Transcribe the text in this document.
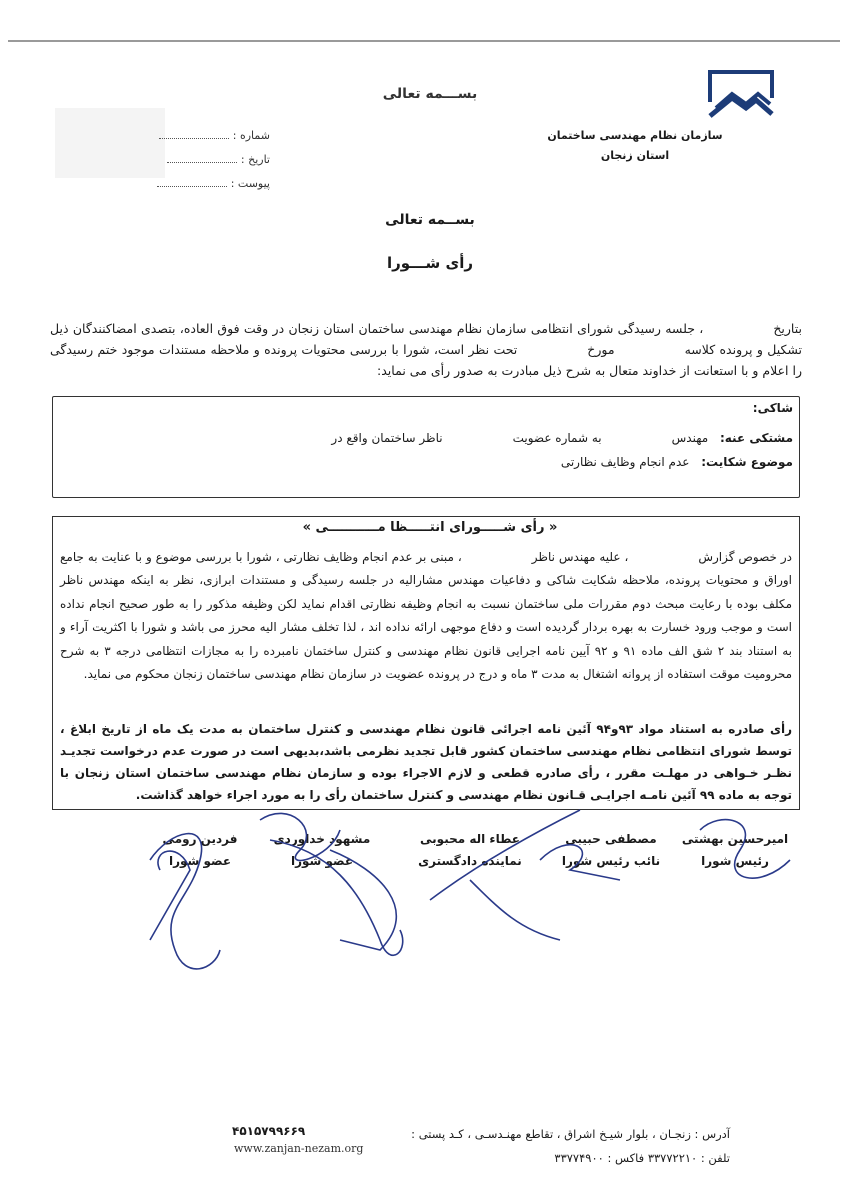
سازمان نظام مهندسی ساختمان
استان زنجان
بســـمه تعالی
شماره :
تاریخ :
پیوست :
بســمه تعالی
رأی شـــورا
بتاریخ، جلسه رسیدگی شورای انتظامی سازمان نظام مهندسی ساختمان استان زنجان در وقت فوق العاده، بتصدی امضاکنندگان ذیل تشکیل و پرونده کلاسهمورختحت نظر است، شورا با بررسی محتویات پرونده و ملاحظه مستندات موجود ختم رسیدگی را اعلام و با استعانت از خداوند متعال به شرح ذیل مبادرت به صدور رأی می نماید:
شاکی:
مشتکی عنه: مهندسبه شماره عضویتناظر ساختمان واقع در
موضوع شکایت: عدم انجام وظایف نظارتی
« رأی شـــــورای انتـــــظا مـــــــــــی »
در خصوص گزارش، علیه مهندس ناظر، مبنی بر عدم انجام وظایف نظارتی ، شورا با بررسی موضوع و با عنایت به جامع اوراق و محتویات پرونده، ملاحظه شکایت شاکی و دفاعیات مهندس مشارالیه در جلسه رسیدگی و مستندات ابرازی، نظر به اینکه مهندس ناظر مکلف بوده با رعایت مبحث دوم مقررات ملی ساختمان نسبت به انجام وظیفه نظارتی اقدام نماید لکن وظیفه مذکور را به طور صحیح انجام نداده است و موجب ورود خسارت به بهره بردار گردیده است و دفاع موجهی ارائه نداده اند ، لذا تخلف مشار الیه محرز می باشد و شورا با اکثریت آراء و به استناد بند ۲ شق الف ماده ۹۱ و ۹۲ آیین نامه اجرایی قانون نظام مهندسی و کنترل ساختمان نامبرده را به مجازات انتظامی درجه ۳ به شرح محرومیت موقت استفاده از پروانه اشتغال به مدت ۳ ماه و درج در پرونده عضویت در سازمان نظام مهندسی ساختمان زنجان محکوم می نماید.
رأی صادره به استناد مواد ۹۳و۹۴ آئین نامه اجرائی قانون نظام مهندسی و کنترل ساختمان به مدت یک ماه از تاریخ ابلاغ ، توسط شورای انتظامی نظام مهندسی ساختمان کشور قابل تجدید نظرمی باشد،بدیهی است در صورت عدم درخواست تجدیـد نظـر خـواهی در مهلـت مقرر ، رأی صادره قطعی و لازم الاجراء بوده و سازمان نظام مهندسی ساختمان استان زنجان با توجه به ماده ۹۹ آئین نامـه اجرایـی قـانون نظام مهندسی و کنترل ساختمان رأی را به مورد اجراء خواهد گذاشت.
امیرحسین بهشتی
رئیس شورا
مصطفی حبیبی
نائب رئیس شورا
عطاء اله محبوبی
نماینده دادگستری
مشهود خداوردی
عضو شورا
فردین رومی
عضو شورا
آدرس : زنجـان ، بلوار شیـخ اشراق ، تقاطع مهنـدسـی ، کـد پستی :
تلفن : ۳۳۷۷۲۲۱۰ فاکس : ۳۳۷۷۴۹۰۰
۴۵۱۵۷۹۹۶۶۹
www.zanjan-nezam.org
